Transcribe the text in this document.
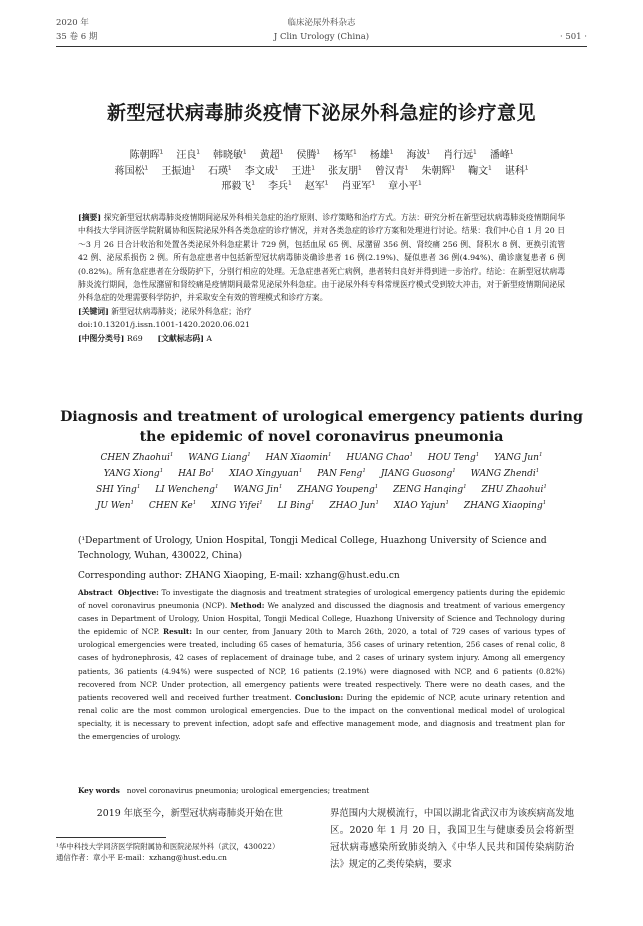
2020 年
35 卷 6 期
临床泌尿外科杂志
J Clin Urology (China)	· 501 ·
新型冠状病毒肺炎疫情下泌尿外科急症的诊疗意见
陈朝晖$^1$ 汪良$^1$ 韩晓敏$^1$ 黄超$^1$ 侯腾$^1$ 杨军$^1$ 杨雄$^1$ 海波$^1$ 肖行远$^1$ 潘峰$^1$ 蒋国松$^1$ 王振迪$^1$ 石瑛$^1$ 李文成$^1$ 王进$^1$ 张友朋$^1$ 曾汉青$^1$ 朱朝辉$^1$ 鞠文$^1$ 谌科$^1$ 邢毅飞$^1$ 李兵$^1$ 赵军$^1$ 肖亚军$^1$ 章小平$^1$
[摘要] 探究新型冠状病毒肺炎疫情期间泌尿外科相关急症的治疗原则、诊疗策略和治疗方式。方法：研究分析在新型冠状病毒肺炎疫情期间华中科技大学同济医学院附属协和医院泌尿外科各类急症的诊疗情况，并对各类急症的诊疗方案和处理进行讨论。结果：我们中心自 1 月 20 日～3 月 26 日合计收治和处置各类泌尿外科急症累计 729 例，包括血尿 65 例、尿潴留 356 例、肾绞痛 256 例、肾积水 8 例、更换引流管 42 例、泌尿系损伤 2 例。所有急症患者中包括新型冠状病毒肺炎确诊患者 16 例(2.19%)、疑似患者 36 例(4.94%)、确诊康复患者 6 例(0.82%)。所有急症患者在分级防护下，分别行相应的处理。无急症患者死亡病例，患者转归良好并得到进一步治疗。结论：在新型冠状病毒肺炎流行期间，急性尿潴留和肾绞痛是疫情期间最常见泌尿外科急症。由于泌尿外科专科常规医疗模式受到较大冲击，对于新型疫情期间泌尿外科急症的处理需要科学防护，并采取安全有效的管理模式和诊疗方案。
[关键词] 新型冠状病毒肺炎；泌尿外科急症；治疗
doi:10.13201/j.issn.1001-1420.2020.06.021
[中图分类号] R69 [文献标志码] A
Diagnosis and treatment of urological emergency patients during the epidemic of novel coronavirus pneumonia
CHEN Zhaohui$^1$ WANG Liang$^1$ HAN Xiaomin$^1$ HUANG Chao$^1$ HOU Teng$^1$ YANG Jun$^1$ YANG Xiong$^1$ HAI Bo$^1$ XIAO Xingyuan$^1$ PAN Feng$^1$ JIANG Guosong$^1$ WANG Zhendi$^1$ SHI Ying$^1$ LI Wencheng$^1$ WANG Jin$^1$ ZHANG Youpeng$^1$ ZENG Hanqing$^1$ ZHU Zhaohui$^1$ JU Wen$^1$ CHEN Ke$^1$ XING Yifei$^1$ LI Bing$^1$ ZHAO Jun$^1$ XIAO Yajun$^1$ ZHANG Xiaoping$^1$
(¹Department of Urology, Union Hospital, Tongji Medical College, Huazhong University of Science and Technology, Wuhan, 430022, China)
Corresponding author: ZHANG Xiaoping, E-mail: xzhang@hust.edu.cn
Abstract Objective: To investigate the diagnosis and treatment strategies of urological emergency patients during the epidemic of novel coronavirus pneumonia (NCP). Method: We analyzed and discussed the diagnosis and treatment of various emergency cases in Department of Urology, Union Hospital, Tongji Medical College, Huazhong University of Science and Technology during the epidemic of NCP. Result: In our center, from January 20th to March 26th, 2020, a total of 729 cases of various types of urological emergencies were treated, including 65 cases of hematuria, 356 cases of urinary retention, 256 cases of renal colic, 8 cases of hydronephrosis, 42 cases of replacement of drainage tube, and 2 cases of urinary system injury. Among all emergency patients, 36 patients (4.94%) were suspected of NCP, 16 patients (2.19%) were diagnosed with NCP, and 6 patients (0.82%) recovered from NCP. Under protection, all emergency patients were treated respectively. There were no death cases, and the patients recovered well and received further treatment. Conclusion: During the epidemic of NCP, acute urinary retention and renal colic are the most common urological emergencies. Due to the impact on the conventional medical model of urological specialty, it is necessary to prevent infection, adopt safe and effective management mode, and diagnosis and treatment plan for the emergencies of urology.
Key words novel coronavirus pneumonia; urological emergencies; treatment
2019 年底至今，新型冠状病毒肺炎开始在世	界范围内大规模流行，中国以湖北省武汉市为该疾病高发地区。2020 年 1 月 20 日，我国卫生与健康委员会将新型冠状病毒感染所致肺炎纳入《中华人民共和国传染病防治法》规定的乙类传染病，要求
¹华中科技大学同济医学院附属协和医院泌尿外科（武汉，430022）
通信作者：章小平 E-mail：xzhang@hust.edu.cn
